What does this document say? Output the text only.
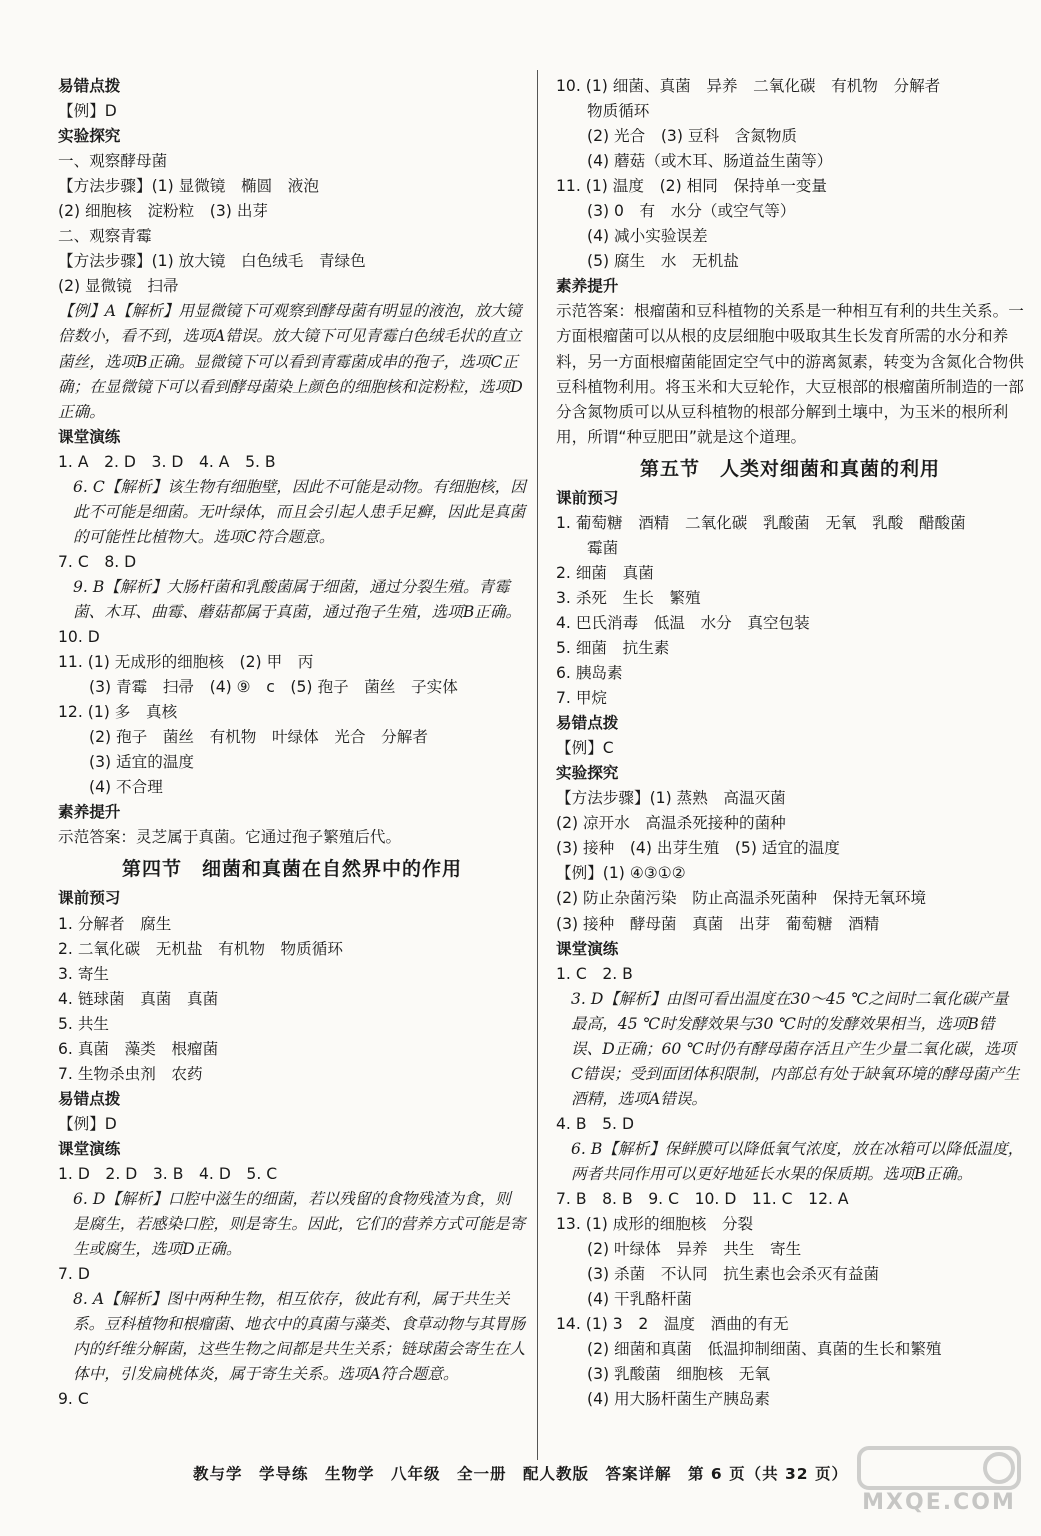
易错点拨
【例】D
实验探究
一、观察酵母菌
【方法步骤】(1) 显微镜　椭圆　液泡
(2) 细胞核　淀粉粒　(3) 出芽
二、观察青霉
【方法步骤】(1) 放大镜　白色绒毛　青绿色
(2) 显微镜　扫帚
【例】A【解析】用显微镜下可观察到酵母菌有明显的液泡，放大镜倍数小，看不到，选项A错误。放大镜下可见青霉白色绒毛状的直立菌丝，选项B正确。显微镜下可以看到青霉菌成串的孢子，选项C正确；在显微镜下可以看到酵母菌染上颜色的细胞核和淀粉粒，选项D正确。
课堂演练
1. A　2. D　3. D　4. A　5. B
6. C【解析】该生物有细胞壁，因此不可能是动物。有细胞核，因此不可能是细菌。无叶绿体，而且会引起人患手足癣，因此是真菌的可能性比植物大。选项C符合题意。
7. C　8. D
9. B【解析】大肠杆菌和乳酸菌属于细菌，通过分裂生殖。青霉菌、木耳、曲霉、蘑菇都属于真菌，通过孢子生殖，选项B正确。
10. D
11. (1) 无成形的细胞核　(2) 甲　丙
(3) 青霉　扫帚　(4) ⑨　c　(5) 孢子　菌丝　子实体
12. (1) 多　真核
(2) 孢子　菌丝　有机物　叶绿体　光合　分解者
(3) 适宜的温度
(4) 不合理
素养提升
示范答案：灵芝属于真菌。它通过孢子繁殖后代。
第四节　细菌和真菌在自然界中的作用
课前预习
1. 分解者　腐生
2. 二氧化碳　无机盐　有机物　物质循环
3. 寄生
4. 链球菌　真菌　真菌
5. 共生
6. 真菌　藻类　根瘤菌
7. 生物杀虫剂　农药
易错点拨
【例】D
课堂演练
1. D　2. D　3. B　4. D　5. C
6. D【解析】口腔中滋生的细菌，若以残留的食物残渣为食，则是腐生，若感染口腔，则是寄生。因此，它们的营养方式可能是寄生或腐生，选项D正确。
7. D
8. A【解析】图中两种生物，相互依存，彼此有利，属于共生关系。豆科植物和根瘤菌、地衣中的真菌与藻类、食草动物与其胃肠内的纤维分解菌，这些生物之间都是共生关系；链球菌会寄生在人体中，引发扁桃体炎，属于寄生关系。选项A符合题意。
9. C
10. (1) 细菌、真菌　异养　二氧化碳　有机物　分解者
物质循环
(2) 光合　(3) 豆科　含氮物质
(4) 蘑菇（或木耳、肠道益生菌等）
11. (1) 温度　(2) 相同　保持单一变量
(3) 0　有　水分（或空气等）
(4) 减小实验误差
(5) 腐生　水　无机盐
素养提升
示范答案：根瘤菌和豆科植物的关系是一种相互有利的共生关系。一方面根瘤菌可以从根的皮层细胞中吸取其生长发育所需的水分和养料，另一方面根瘤菌能固定空气中的游离氮素，转变为含氮化合物供豆科植物利用。将玉米和大豆轮作，大豆根部的根瘤菌所制造的一部分含氮物质可以从豆科植物的根部分解到土壤中，为玉米的根所利用，所谓“种豆肥田”就是这个道理。
第五节　人类对细菌和真菌的利用
课前预习
1. 葡萄糖　酒精　二氧化碳　乳酸菌　无氧　乳酸　醋酸菌
霉菌
2. 细菌　真菌
3. 杀死　生长　繁殖
4. 巴氏消毒　低温　水分　真空包装
5. 细菌　抗生素
6. 胰岛素
7. 甲烷
易错点拨
【例】C
实验探究
【方法步骤】(1) 蒸熟　高温灭菌
(2) 凉开水　高温杀死接种的菌种
(3) 接种　(4) 出芽生殖　(5) 适宜的温度
【例】(1) ④③①②
(2) 防止杂菌污染　防止高温杀死菌种　保持无氧环境
(3) 接种　酵母菌　真菌　出芽　葡萄糖　酒精
课堂演练
1. C　2. B
3. D【解析】由图可看出温度在30～45 ℃之间时二氧化碳产量最高，45 ℃时发酵效果与30 ℃时的发酵效果相当，选项B错误、D正确；60 ℃时仍有酵母菌存活且产生少量二氧化碳，选项C错误；受到面团体积限制，内部总有处于缺氧环境的酵母菌产生酒精，选项A错误。
4. B　5. D
6. B【解析】保鲜膜可以降低氧气浓度，放在冰箱可以降低温度，两者共同作用可以更好地延长水果的保质期。选项B正确。
7. B　8. B　9. C　10. D　11. C　12. A
13. (1) 成形的细胞核　分裂
(2) 叶绿体　异养　共生　寄生
(3) 杀菌　不认同　抗生素也会杀灭有益菌
(4) 干乳酪杆菌
14. (1) 3　2　温度　酒曲的有无
(2) 细菌和真菌　低温抑制细菌、真菌的生长和繁殖
(3) 乳酸菌　细胞核　无氧
(4) 用大肠杆菌生产胰岛素
教与学　学导练　生物学　八年级　全一册　配人教版　答案详解　第 6 页（共 32 页）
MXQE.COM
